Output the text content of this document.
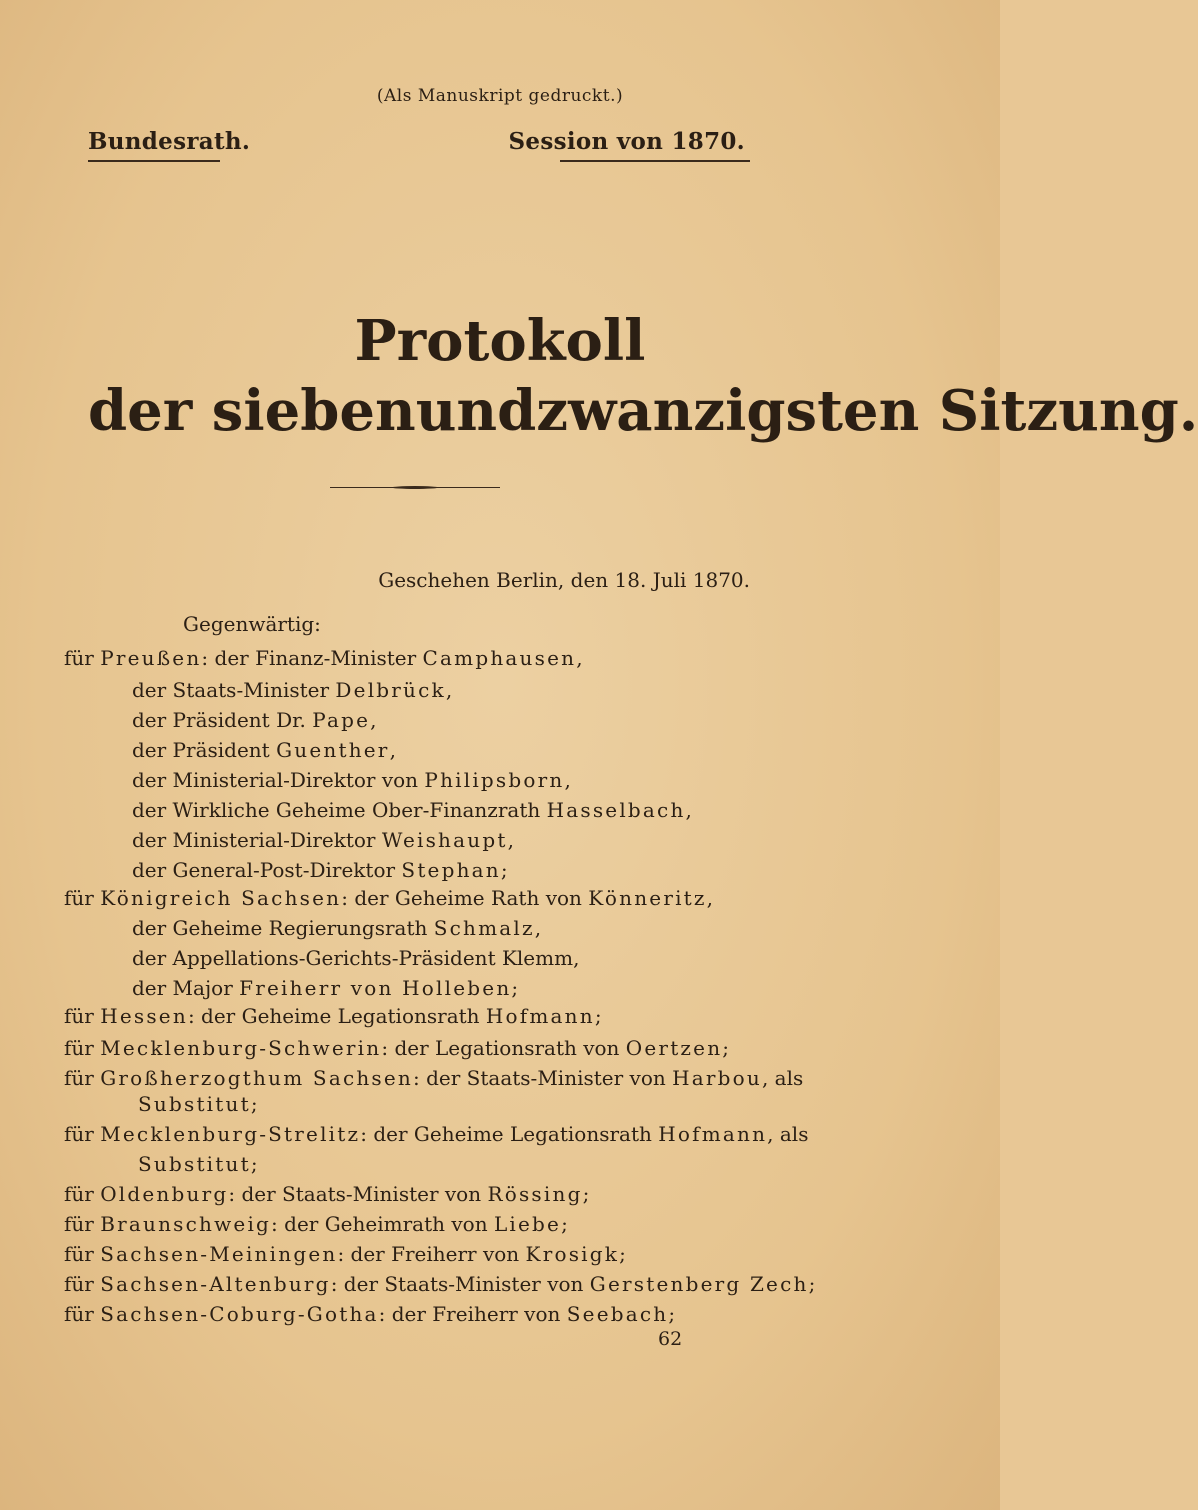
(Als Manuskript gedruckt.)
Bundesrath.	Session von 1870.
Protokoll
der siebenundzwanzigsten Sitzung.
Geschehen Berlin, den 18. Juli 1870.
Gegenwärtig:
für Preußen: der Finanz-Minister Camphausen,
der Staats-Minister Delbrück,
der Präsident Dr. Pape,
der Präsident Guenther,
der Ministerial-Direktor von Philipsborn,
der Wirkliche Geheime Ober-Finanzrath Hasselbach,
der Ministerial-Direktor Weishaupt,
der General-Post-Direktor Stephan;
für Königreich Sachsen: der Geheime Rath von Könneritz,
der Geheime Regierungsrath Schmalz,
der Appellations-Gerichts-Präsident Klemm,
der Major Freiherr von Holleben;
für Hessen: der Geheime Legationsrath Hofmann;
für Mecklenburg-Schwerin: der Legationsrath von Oertzen;
für Großherzogthum Sachsen: der Staats-Minister von Harbou, als
Substitut;
für Mecklenburg-Strelitz: der Geheime Legationsrath Hofmann, als
Substitut;
für Oldenburg: der Staats-Minister von Rössing;
für Braunschweig: der Geheimrath von Liebe;
für Sachsen-Meiningen: der Freiherr von Krosigk;
für Sachsen-Altenburg: der Staats-Minister von Gerstenberg Zech;
für Sachsen-Coburg-Gotha: der Freiherr von Seebach;
62
